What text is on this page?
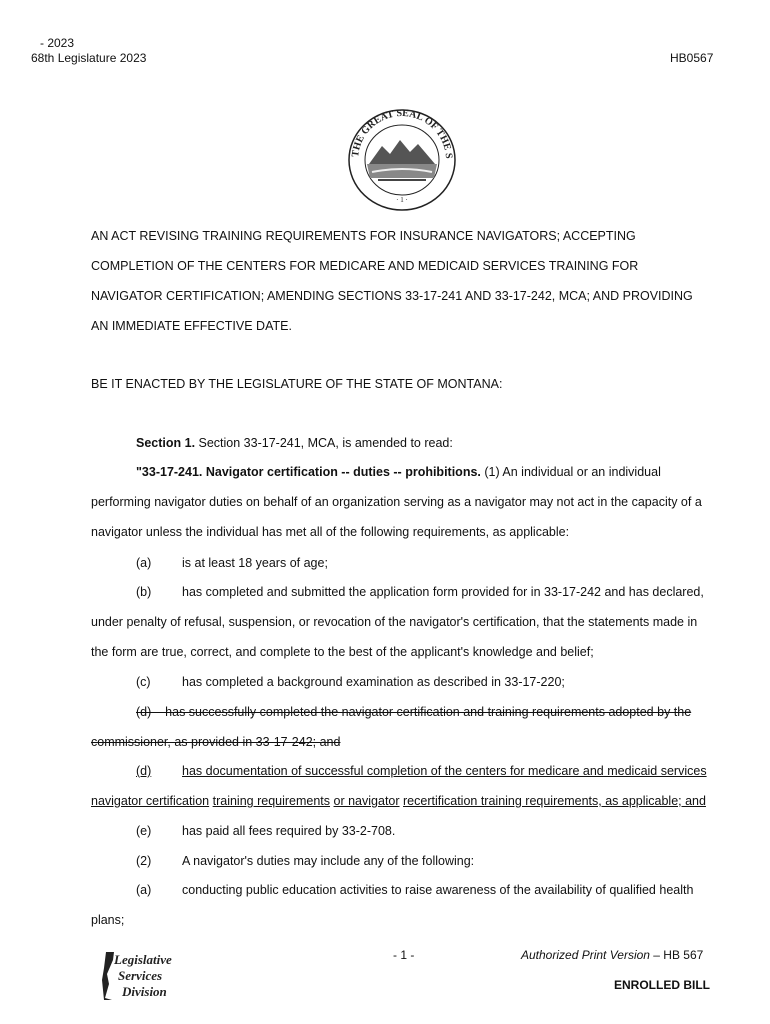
- 2023
68th Legislature 2023	HB0567
THE GREAT SEAL OF THE S
· 1 ·
AN ACT REVISING TRAINING REQUIREMENTS FOR INSURANCE NAVIGATORS; ACCEPTING
COMPLETION OF THE CENTERS FOR MEDICARE AND MEDICAID SERVICES TRAINING FOR
NAVIGATOR CERTIFICATION; AMENDING SECTIONS 33-17-241 AND 33-17-242, MCA; AND PROVIDING
AN IMMEDIATE EFFECTIVE DATE.
BE IT ENACTED BY THE LEGISLATURE OF THE STATE OF MONTANA:
Section 1. Section 33-17-241, MCA, is amended to read:
"33-17-241. Navigator certification -- duties -- prohibitions. (1) An individual or an individual
performing navigator duties on behalf of an organization serving as a navigator may not act in the capacity of a
navigator unless the individual has met all of the following requirements, as applicable:
(a) is at least 18 years of age;
(b) has completed and submitted the application form provided for in 33-17-242 and has declared,
under penalty of refusal, suspension, or revocation of the navigator's certification, that the statements made in
the form are true, correct, and complete to the best of the applicant's knowledge and belief;
(c)	has completed a background examination as described in 33-17-220;
(d)    has successfully completed the navigator certification and training requirements adopted by the
commissioner, as provided in 33-17-242; and
(d)	has documentation of successful completion of the centers for medicare and medicaid services
navigator certification training requirements or navigator recertification training requirements, as applicable; and
(e) has paid all fees required by 33-2-708.
(2) A navigator's duties may include any of the following:
(a) conducting public education activities to raise awareness of the availability of qualified health
plans;
Legislative
Services
Division
- 1 -	Authorized Print Version – HB 567
ENROLLED BILL
